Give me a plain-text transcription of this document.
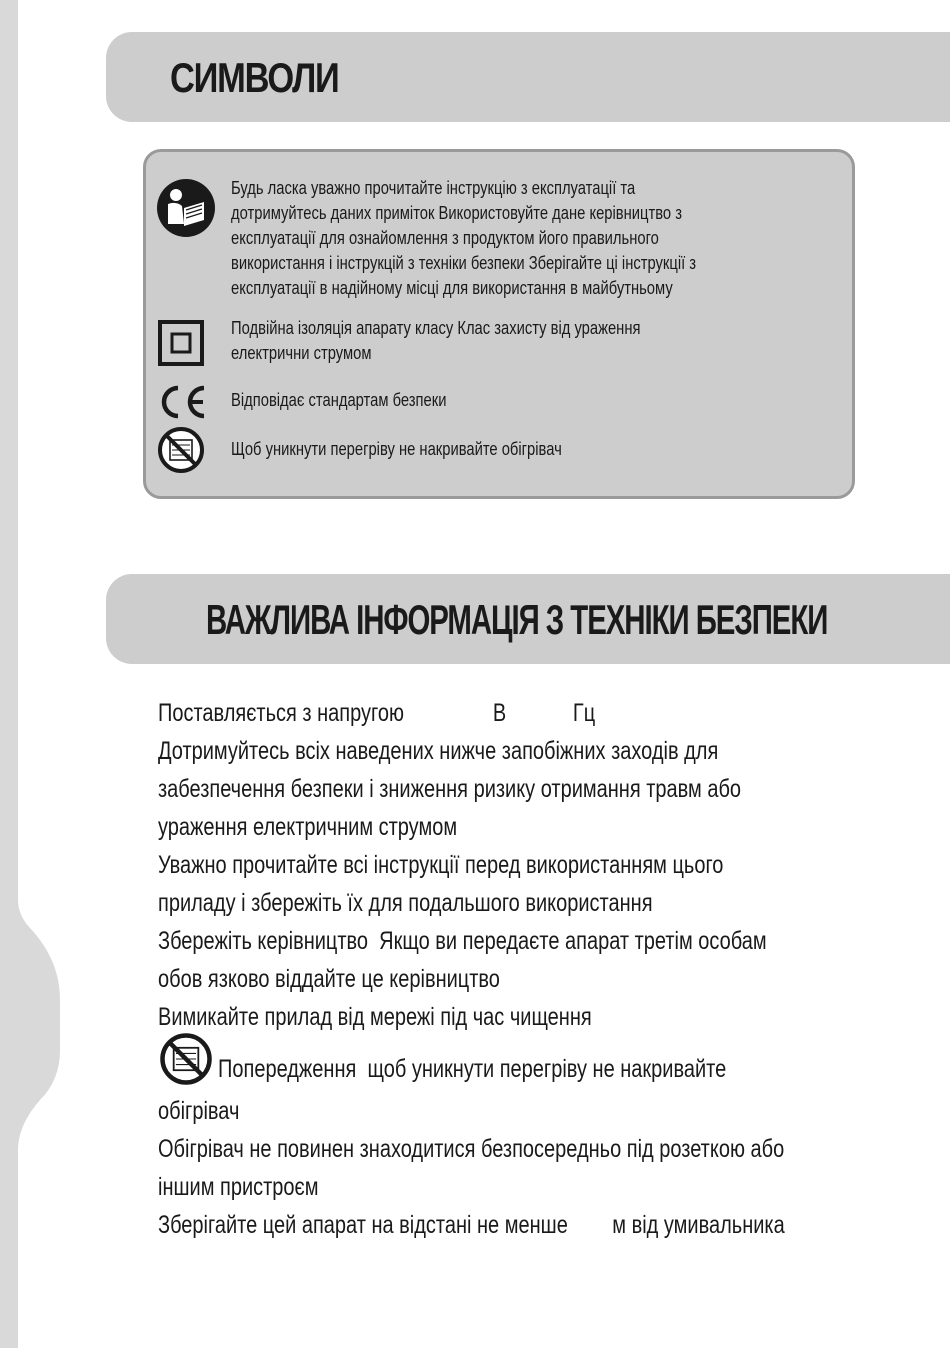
СИМВОЛИ
Будь ласка уважно прочитайте інструкцію з експлуатації та
дотримуйтесь даних приміток Використовуйте дане керівництво з
експлуатації для ознайомлення з продуктом його правильного
використання і інструкцій з техніки безпеки Зберігайте ці інструкції з
експлуатації в надійному місці для використання в майбутньому
Подвійна ізоляція апарату класу Клас захисту від ураження
електрични струмом
Відповідає стандартам безпеки
Щоб уникнути перегріву не накривайте обігрівач
ВАЖЛИВА ІНФОРМАЦІЯ З ТЕХНІКИ БЕЗПЕКИ
Поставляється з напругою                В            Гц
Дотримуйтесь всіх наведених нижче запобіжних заходів для
забезпечення безпеки і зниження ризику отримання травм або
ураження електричним струмом
Уважно прочитайте всі інструкції перед використанням цього
приладу і збережіть їх для подальшого використання
Збережіть керівництво  Якщо ви передаєте апарат третім особам
обов язково віддайте це керівництво
Вимикайте прилад від мережі під час чищення
Попередження  щоб уникнути перегріву не накривайте
обігрівач
Обігрівач не повинен знаходитися безпосередньо під розеткою або
іншим пристроєм
Зберігайте цей апарат на відстані не менше        м від умивальника
